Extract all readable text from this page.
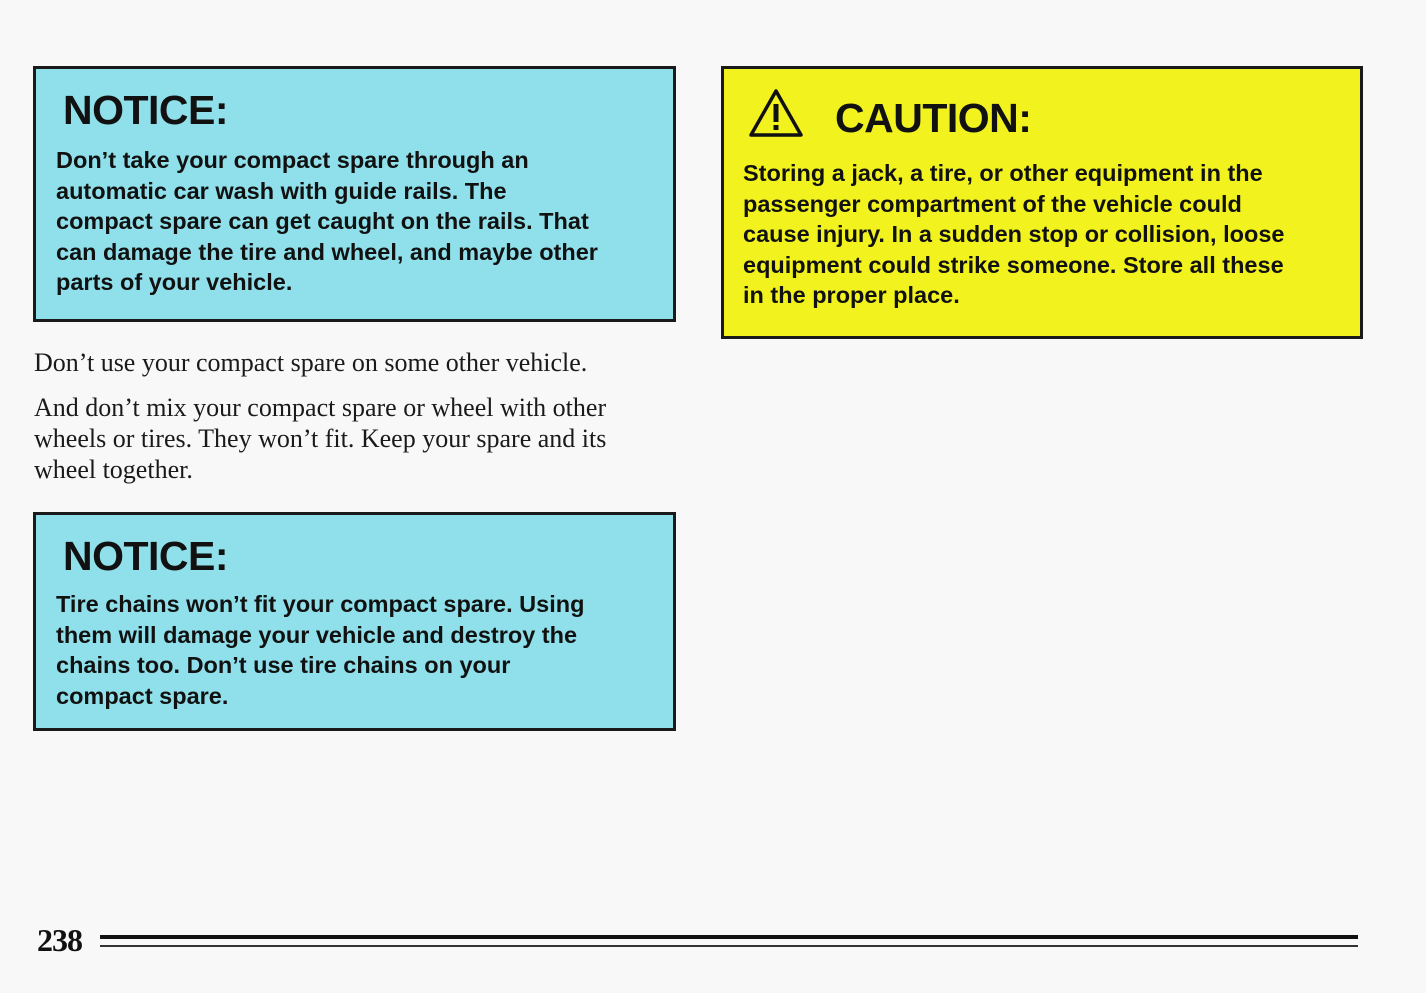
NOTICE:

Don’t take your compact spare through an
automatic car wash with guide rails. The
compact spare can get caught on the rails. That
can damage the tire and wheel, and maybe other
parts of your vehicle.

Don’t use your compact spare on some other vehicle.

And don’t mix your compact spare or wheel with other
wheels or tires. They won’t fit. Keep your spare and its
wheel together.

NOTICE:

Tire chains won’t fit your compact spare. Using
them will damage your vehicle and destroy the
chains too. Don’t use tire chains on your
compact spare.

CAUTION:

Storing a jack, a tire, or other equipment in the
passenger compartment of the vehicle could
cause injury. In a sudden stop or collision, loose
equipment could strike someone. Store all these
in the proper place.

238
